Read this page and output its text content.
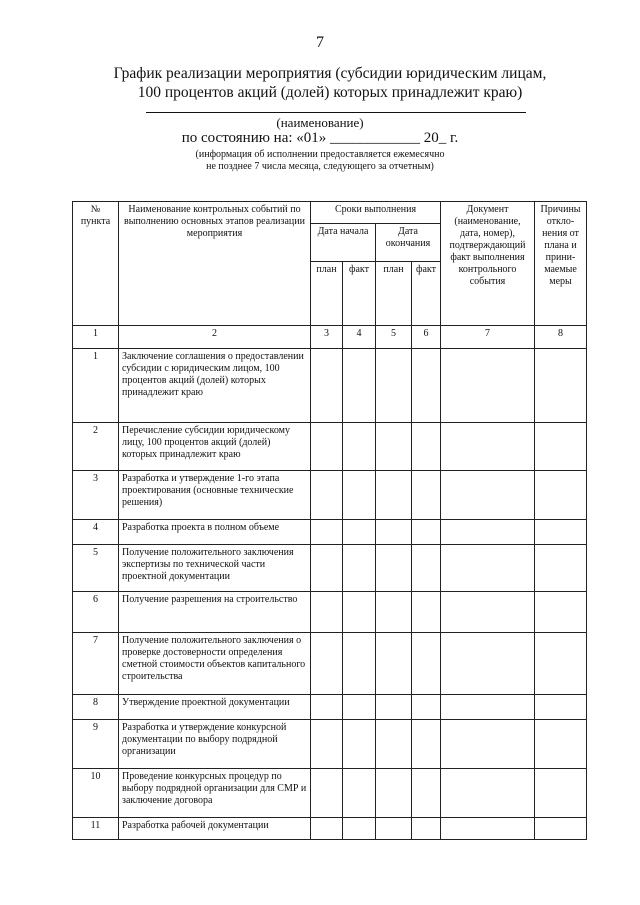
7
График реализации мероприятия (субсидии юридическим лицам,
100 процентов акций (долей) которых принадлежит краю)
(наименование)
по состоянию на: «01» ____________ 20_ г.
(информация об исполнении предоставляется ежемесячно
не позднее 7 числа месяца, следующего за отчетным)
№ пункта	Наименование контрольных событий по выполнению основных этапов реализации мероприятия	Сроки выполнения				Документ (наименование, дата, номер), подтверждающий факт выполнения контрольного события	Причины откло-нения от плана и прини-маемые меры
		Дата начала		Дата окончания			
		план	факт	план	факт		
1	2	3	4	5	6	7	8
1	Заключение соглашения о предоставлении субсидии с юридическим лицом, 100 процентов акций (долей) которых принадлежит краю						
2	Перечисление субсидии юридическому лицу, 100 процентов акций (долей) которых принадлежит краю						
3	Разработка и утверждение 1-го этапа проектирования (основные технические решения)						
4	Разработка проекта в полном объеме						
5	Получение положительного заключения экспертизы по технической части проектной документации						
6	Получение разрешения на строительство						
7	Получение положительного заключения о проверке достоверности определения сметной стоимости объектов капитального строительства						
8	Утверждение проектной документации						
9	Разработка и утверждение конкурсной документации по выбору подрядной организации						
10	Проведение конкурсных процедур по выбору подрядной организации для СМР и заключение договора						
11	Разработка рабочей документации						
